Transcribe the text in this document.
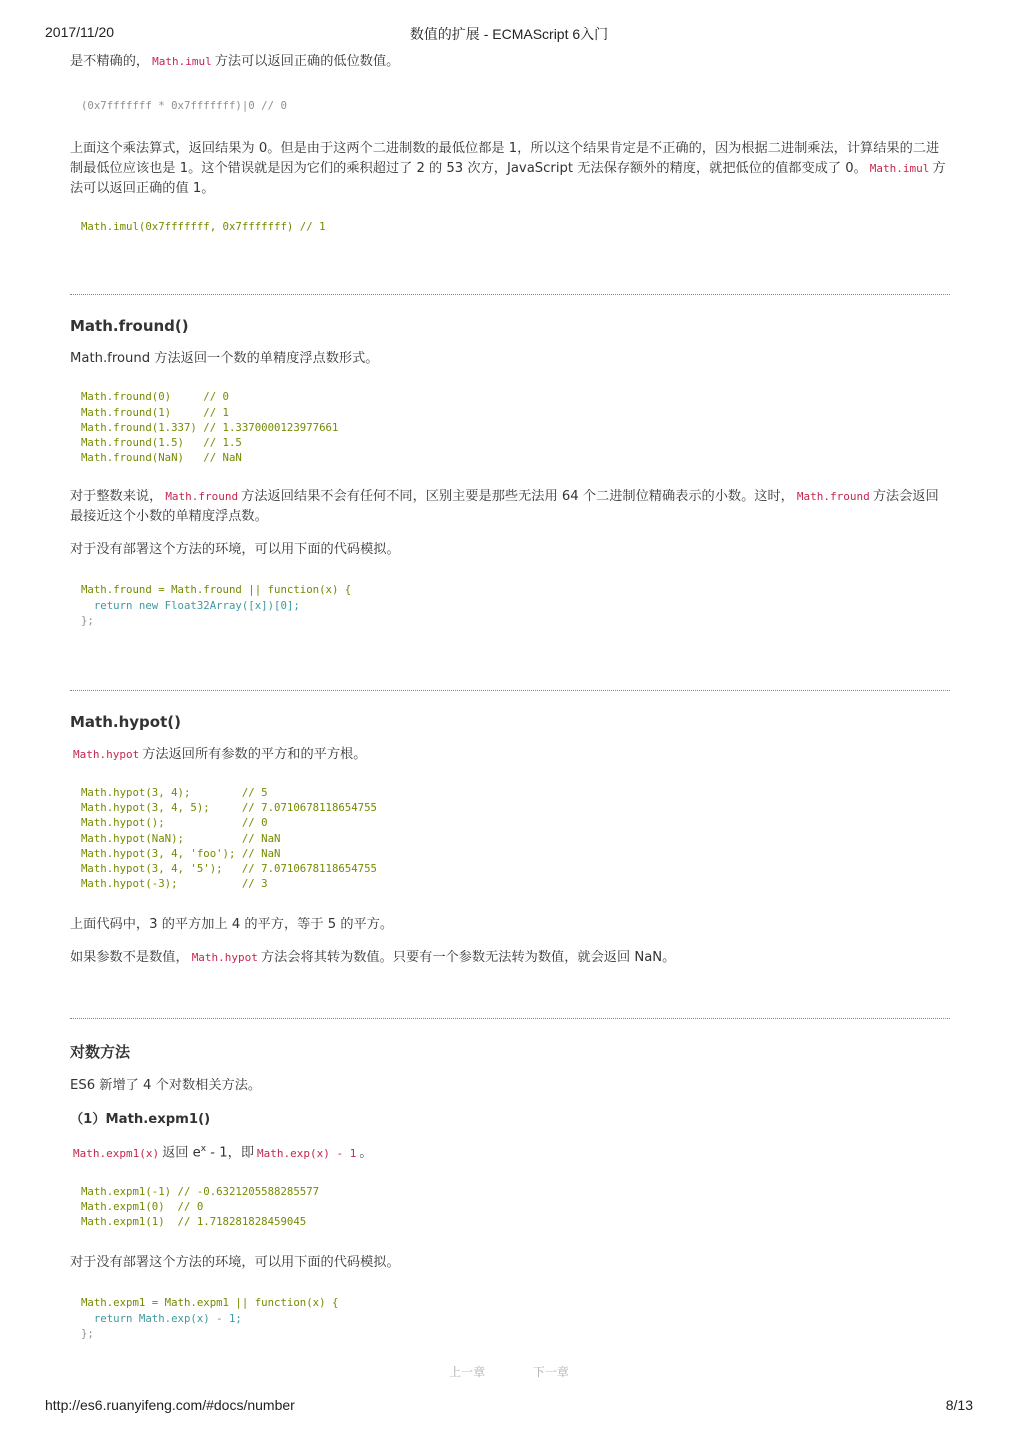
2017/11/20	数值的扩展 - ECMAScript 6入门

是不精确的， Math.imul 方法可以返回正确的低位数值。

(0x7fffffff * 0x7fffffff)|0 // 0

上面这个乘法算式，返回结果为 0。但是由于这两个二进制数的最低位都是 1，所以这个结果肯定是不正确的，因为根据二进制乘法，计算结果的二进制最低位应该也是 1。这个错误就是因为它们的乘积超过了 2 的 53 次方，JavaScript 无法保存额外的精度，就把低位的值都变成了 0。 Math.imul 方法可以返回正确的值 1。

Math.imul(0x7fffffff, 0x7fffffff) // 1
Math.fround()

Math.fround 方法返回一个数的单精度浮点数形式。

Math.fround(0)     // 0
Math.fround(1)     // 1
Math.fround(1.337) // 1.3370000123977661
Math.fround(1.5)   // 1.5
Math.fround(NaN)   // NaN

对于整数来说， Math.fround 方法返回结果不会有任何不同，区别主要是那些无法用 64 个二进制位精确表示的小数。这时， Math.fround 方法会返回最接近这个小数的单精度浮点数。

对于没有部署这个方法的环境，可以用下面的代码模拟。

Math.fround = Math.fround || function(x) {
return new Float32Array([x])[0];
};
Math.hypot()

Math.hypot 方法返回所有参数的平方和的平方根。

Math.hypot(3, 4);        // 5
Math.hypot(3, 4, 5);     // 7.0710678118654755
Math.hypot();            // 0
Math.hypot(NaN);         // NaN
Math.hypot(3, 4, 'foo'); // NaN
Math.hypot(3, 4, '5');   // 7.0710678118654755
Math.hypot(-3);          // 3

上面代码中，3 的平方加上 4 的平方，等于 5 的平方。

如果参数不是数值， Math.hypot 方法会将其转为数值。只要有一个参数无法转为数值，就会返回 NaN。

对数方法

ES6 新增了 4 个对数相关方法。

（1）Math.expm1()

Math.expm1(x) 返回 $e^x - 1$，即 Math.exp(x) - 1 。

Math.expm1(-1) // -0.6321205588285577
Math.expm1(0)  // 0
Math.expm1(1)  // 1.718281828459045

对于没有部署这个方法的环境，可以用下面的代码模拟。

Math.expm1 = Math.expm1 || function(x) {
return Math.exp(x) - 1;
};
上一章	下一章
http://es6.ruanyifeng.com/#docs/number	8/13
